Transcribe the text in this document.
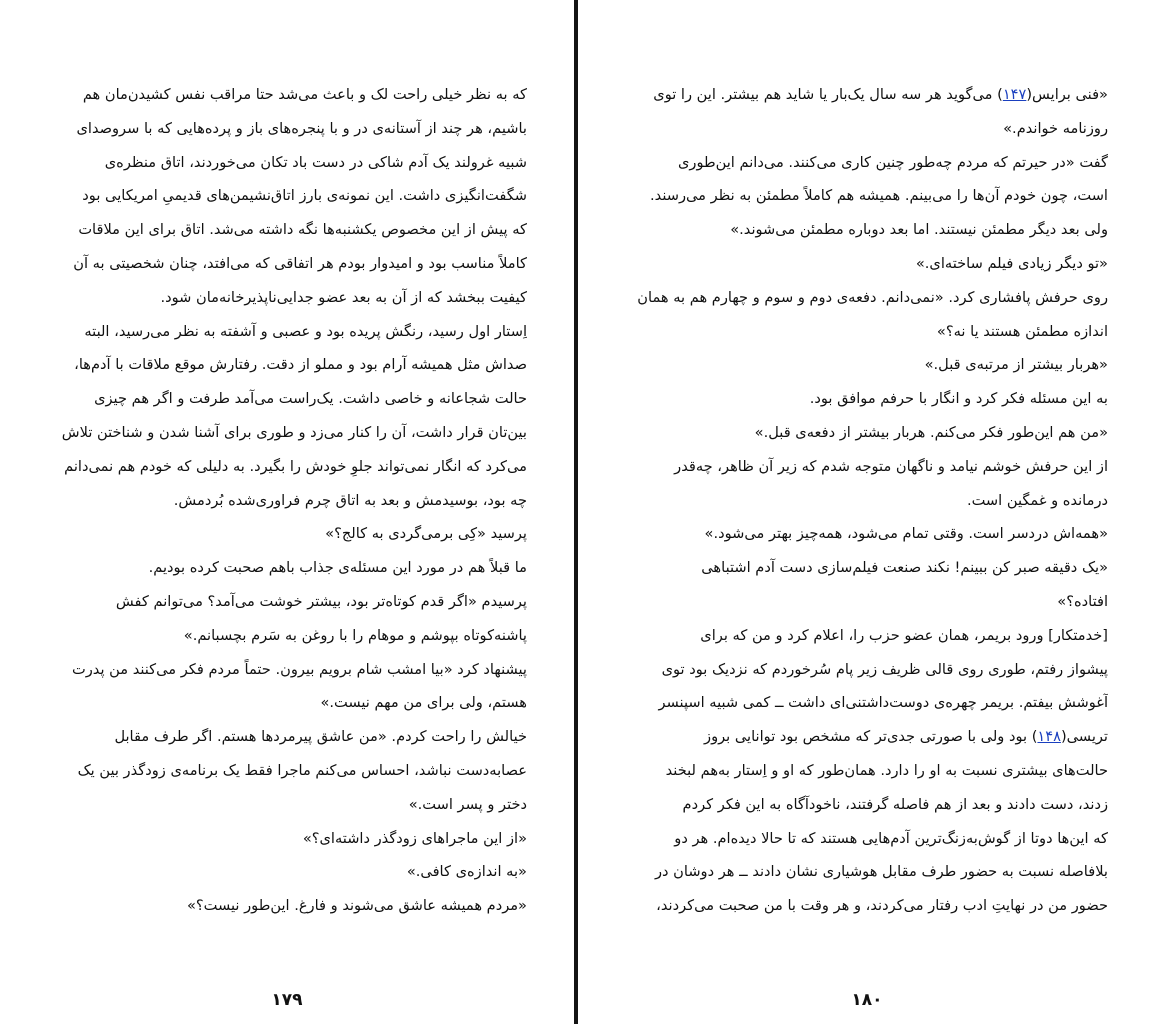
که به نظر خیلی راحت لک و باعث می‌شد حتا مراقب نفس کشیدن‌مان هم
باشیم، هر چند از آستانه‌ی در و با پنجره‌های باز و پرده‌هایی که با سروصدای
شبیه غرولند یک آدم شاکی در دست باد تکان می‌خوردند، اتاق منظره‌ی
شگفت‌انگیزی داشت. این نمونه‌ی بارز اتاق‌نشیمن‌های قدیمیِ امریکایی بود
که پیش از این مخصوص یکشنبه‌ها نگه داشته می‌شد. اتاق برای این ملاقات
کاملاً مناسب بود و امیدوار بودم هر اتفاقی که می‌افتد، چنان شخصیتی به آن
کیفیت ببخشد که از آن به بعد عضو جدایی‌ناپذیرخانه‌مان شود.
اِستار اول رسید، رنگش پریده بود و عصبی و آشفته به نظر می‌رسید، البته
صداش مثل همیشه آرام بود و مملو از دقت. رفتارش موقع ملاقات با آدم‌ها،
حالت شجاعانه و خاصی داشت. یک‌راست می‌آمد طرفت و اگر هم چیزی
بین‌تان قرار داشت، آن را کنار می‌زد و طوری برای آشنا شدن و شناختن تلاش
می‌کرد که انگار نمی‌تواند جلوِ خودش را بگیرد. به دلیلی که خودم هم نمی‌دانم
چه بود، بوسیدمش و بعد به اتاق چرم فراوری‌شده بُردمش.
پرسید «کِی برمی‌گردی به کالج؟»
ما قبلاً هم در مورد این مسئله‌ی جذاب باهم صحبت کرده بودیم.
پرسیدم «اگر قدم کوتاه‌تر بود، بیشتر خوشت می‌آمد؟ می‌توانم کفش
پاشنه‌کوتاه بپوشم و موهام را با روغن به سَرم بچسبانم.»
پیشنهاد کرد «بیا امشب شام برویم بیرون. حتماً مردم فکر می‌کنند من پدرت
هستم، ولی برای من مهم نیست.»
خیالش را راحت کردم. «من عاشق پیرمردها هستم. اگر طرف مقابل
عصابه‌دست نباشد، احساس می‌کنم ماجرا فقط یک برنامه‌ی زودگذر بین یک
دختر و پسر است.»
«از این ماجراهای زودگذر داشته‌ای؟»
«به اندازه‌ی کافی.»
«مردم همیشه عاشق می‌شوند و فارغ. این‌طور نیست؟»
۱۷۹
«فنی برایس(۱۴۷) می‌گوید هر سه سال یک‌بار یا شاید هم بیشتر. این را توی
روزنامه خواندم.»
گفت «در حیرتم که مردم چه‌طور چنین کاری می‌کنند. می‌دانم این‌طوری
است، چون خودم آن‌ها را می‌بینم. همیشه هم کاملاً مطمئن به نظر می‌رسند.
ولی بعد دیگر مطمئن نیستند. اما بعد دوباره مطمئن می‌شوند.»
«تو دیگر زیادی فیلم ساخته‌ای.»
روی حرفش پافشاری کرد. «نمی‌دانم. دفعه‌ی دوم و سوم و چهارم هم به همان
اندازه مطمئن هستند یا نه؟»
«هربار بیشتر از مرتبه‌ی قبل.»
به این مسئله فکر کرد و انگار با حرفم موافق بود.
«من هم این‌طور فکر می‌کنم. هربار بیشتر از دفعه‌ی قبل.»
از این حرفش خوشم نیامد و ناگهان متوجه شدم که زیر آن ظاهر، چه‌قدر
درمانده و غمگین است.
«همه‌اش دردسر است. وقتی تمام می‌شود، همه‌چیز بهتر می‌شود.»
«یک دقیقه صبر کن ببینم! نکند صنعت فیلم‌سازی دست آدم اشتباهی
افتاده؟»
[خدمتکار] ورود بریمر، همان عضو حزب را، اعلام کرد و من که برای
پیشواز رفتم، طوری روی قالی ظریف زیر پام سُرخوردم که نزدیک بود توی
آغوشش بیفتم. بریمر چهره‌ی دوست‌داشتنی‌ای داشت ــ کمی شبیه اسپنسر
تریسی(۱۴۸) بود ولی با صورتی جدی‌تر که مشخص بود توانایی بروز
حالت‌های بیشتری نسبت به او را دارد. همان‌طور که او و اِستار به‌هم لبخند
زدند، دست دادند و بعد از هم فاصله گرفتند، ناخودآگاه به این فکر کردم
که این‌ها دوتا از گوش‌به‌زنگ‌ترین آدم‌هایی هستند که تا حالا دیده‌ام. هر دو
بلافاصله نسبت به حضور طرف مقابل هوشیاری نشان دادند ــ هر دوشان در
حضور من در نهایتِ ادب رفتار می‌کردند، و هر وقت با من صحبت می‌کردند،
۱۸۰
